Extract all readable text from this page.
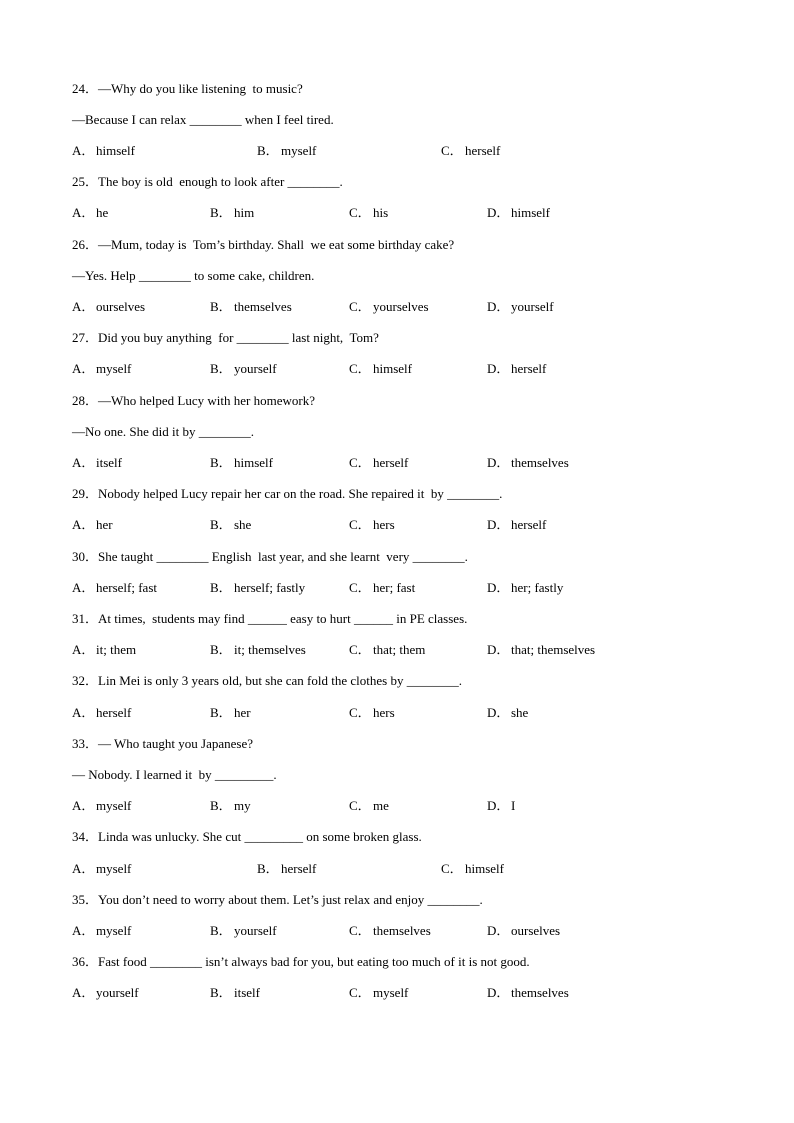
24．—Why do you like listening  to music?
—Because I can relax ________ when I feel tired.
A． himself	B． myself	C． herself
25．The boy is old  enough to look after ________.
A． he	B． him	C． his	D． himself
26．—Mum, today is  Tom’s birthday. Shall  we eat some birthday cake?
—Yes. Help ________ to some cake, children.
A． ourselves	B． themselves	C． yourselves	D． yourself
27．Did you buy anything  for ________ last night,  Tom?
A． myself	B． yourself	C． himself	D． herself
28．—Who helped Lucy with her homework?
—No one. She did it by ________.
A． itself	B． himself	C． herself	D． themselves
29．Nobody helped Lucy repair her car on the road. She repaired it  by ________.
A． her	B． she	C． hers	D． herself
30．She taught ________ English  last year, and she learnt  very ________.
A． herself; fast	B． herself; fastly	C． her; fast	D． her; fastly
31．At times,  students may find ______ easy to hurt ______ in PE classes.
A． it; them	B． it; themselves	C． that; them	D． that; themselves
32．Lin Mei is only 3 years old, but she can fold the clothes by ________.
A． herself	B． her	C． hers	D． she
33．— Who taught you Japanese?
— Nobody. I learned it  by _________.
A． myself	B． my	C． me	D． I
34．Linda was unlucky. She cut _________ on some broken glass.
A． myself	B． herself	C． himself
35．You don’t need to worry about them. Let’s just relax and enjoy ________.
A． myself	B． yourself	C． themselves	D． ourselves
36．Fast food ________ isn’t always bad for you, but eating too much of it is not good.
A． yourself	B． itself	C． myself	D． themselves
